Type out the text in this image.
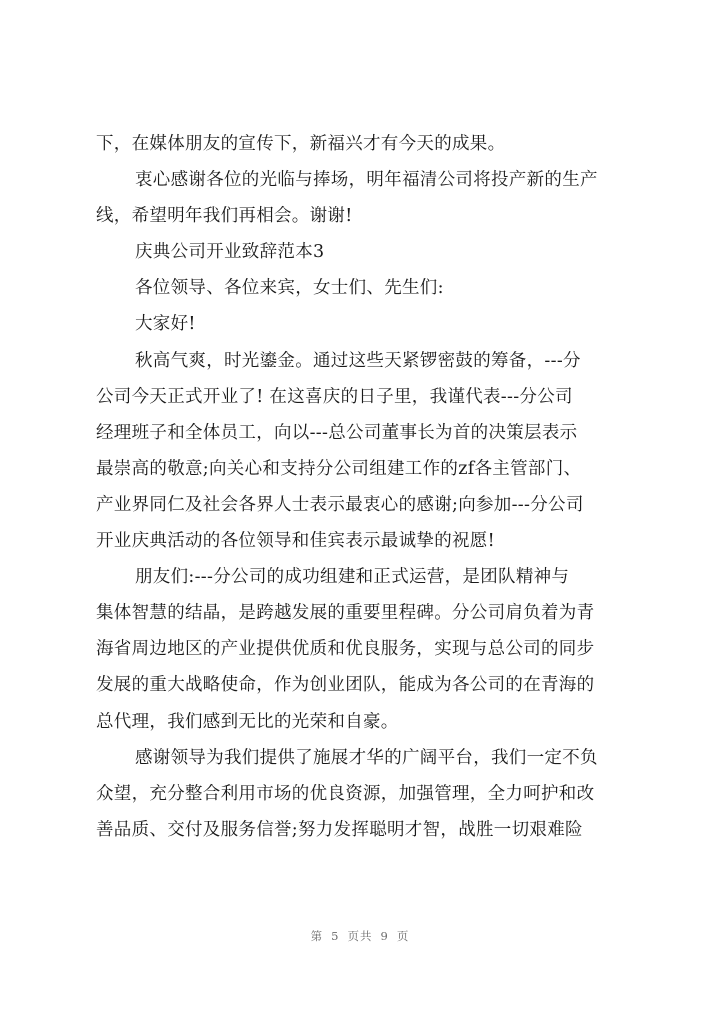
下，在媒体朋友的宣传下，新福兴才有今天的成果。
衷心感谢各位的光临与捧场，明年福清公司将投产新的生产
线，希望明年我们再相会。谢谢!
庆典公司开业致辞范本3
各位领导、各位来宾，女士们、先生们:
大家好!
秋高气爽，时光鎏金。通过这些天紧锣密鼓的筹备，---分
公司今天正式开业了! 在这喜庆的日子里，我谨代表---分公司
经理班子和全体员工，向以---总公司董事长为首的决策层表示
最崇高的敬意;向关心和支持分公司组建工作的zf各主管部门、
产业界同仁及社会各界人士表示最衷心的感谢;向参加---分公司
开业庆典活动的各位领导和佳宾表示最诚挚的祝愿!
朋友们:---分公司的成功组建和正式运营，是团队精神与
集体智慧的结晶，是跨越发展的重要里程碑。分公司肩负着为青
海省周边地区的产业提供优质和优良服务，实现与总公司的同步
发展的重大战略使命，作为创业团队，能成为各公司的在青海的
总代理，我们感到无比的光荣和自豪。
感谢领导为我们提供了施展才华的广阔平台，我们一定不负
众望，充分整合利用市场的优良资源，加强管理，全力呵护和改
善品质、交付及服务信誉;努力发挥聪明才智，战胜一切艰难险
第 5 页共 9 页
